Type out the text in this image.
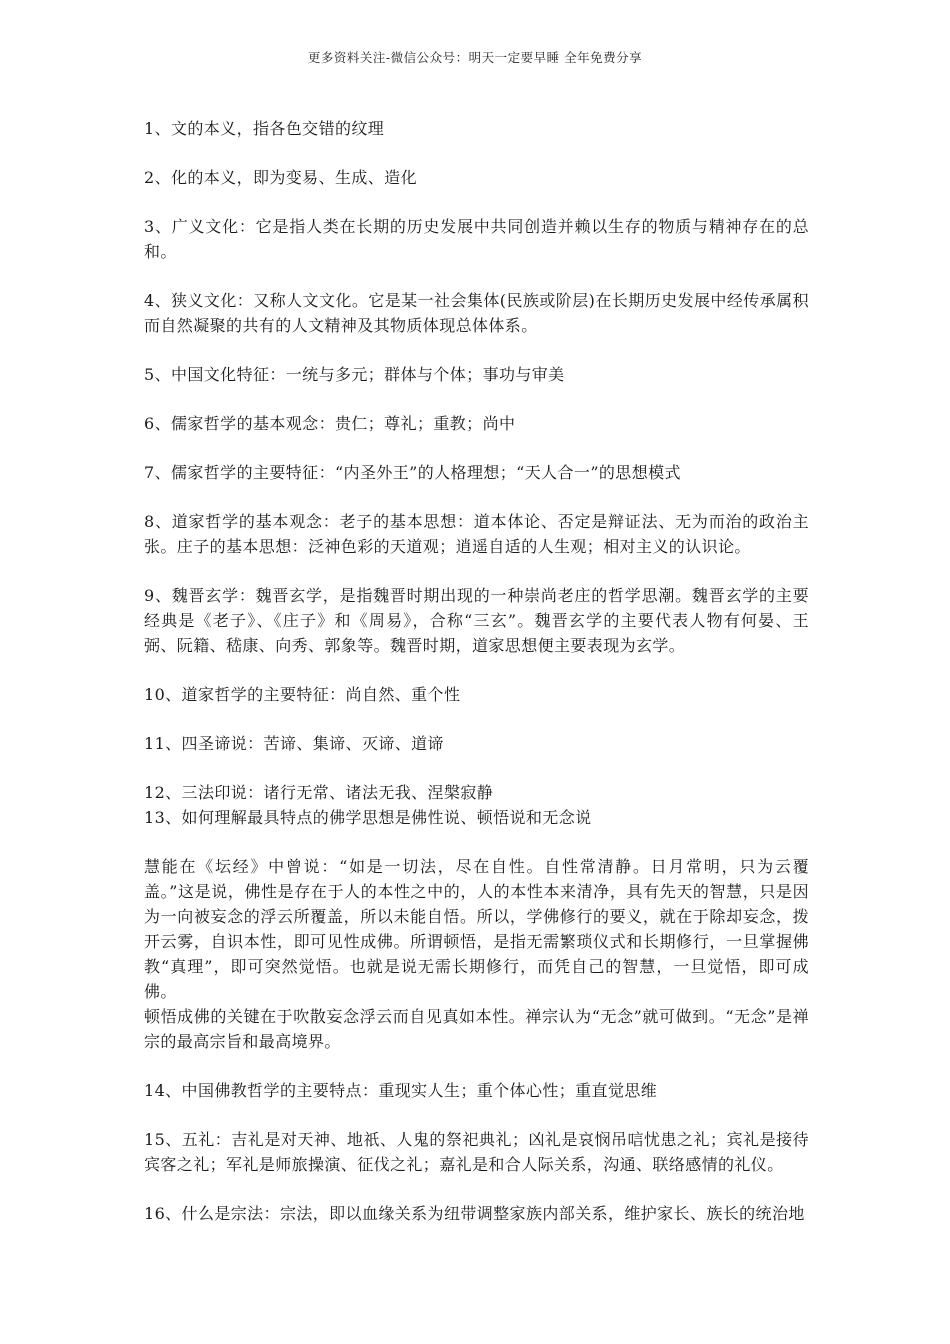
更多资料关注-微信公众号：明天一定要早睡 全年免费分享

1、文的本义，指各色交错的纹理

2、化的本义，即为变易、生成、造化

3、广义文化：它是指人类在长期的历史发展中共同创造并赖以生存的物质与精神存在的总和。

4、狭义文化：又称人文文化。它是某一社会集体(民族或阶层)在长期历史发展中经传承属积而自然凝聚的共有的人文精神及其物质体现总体体系。

5、中国文化特征：一统与多元；群体与个体；事功与审美

6、儒家哲学的基本观念：贵仁；尊礼；重教；尚中

7、儒家哲学的主要特征：“内圣外王”的人格理想；“天人合一”的思想模式

8、道家哲学的基本观念：老子的基本思想：道本体论、否定是辩证法、无为而治的政治主张。庄子的基本思想：泛神色彩的天道观；逍遥自适的人生观；相对主义的认识论。

9、魏晋玄学：魏晋玄学，是指魏晋时期出现的一种崇尚老庄的哲学思潮。魏晋玄学的主要经典是《老子》、《庄子》和《周易》，合称“三玄”。魏晋玄学的主要代表人物有何晏、王弼、阮籍、嵇康、向秀、郭象等。魏晋时期，道家思想便主要表现为玄学。

10、道家哲学的主要特征：尚自然、重个性

11、四圣谛说：苦谛、集谛、灭谛、道谛

12、三法印说：诸行无常、诸法无我、涅槃寂静

13、如何理解最具特点的佛学思想是佛性说、顿悟说和无念说

慧能在《坛经》中曾说：“如是一切法，尽在自性。自性常清静。日月常明，只为云覆盖。”这是说，佛性是存在于人的本性之中的，人的本性本来清净，具有先天的智慧，只是因为一向被妄念的浮云所覆盖，所以未能自悟。所以，学佛修行的要义，就在于除却妄念，拨开云雾，自识本性，即可见性成佛。所谓顿悟，是指无需繁琐仪式和长期修行，一旦掌握佛教“真理”，即可突然觉悟。也就是说无需长期修行，而凭自己的智慧，一旦觉悟，即可成佛。

顿悟成佛的关键在于吹散妄念浮云而自见真如本性。禅宗认为“无念”就可做到。“无念”是禅宗的最高宗旨和最高境界。

14、中国佛教哲学的主要特点：重现实人生；重个体心性；重直觉思维

15、五礼：吉礼是对天神、地祇、人鬼的祭祀典礼；凶礼是哀悯吊唁忧患之礼；宾礼是接待宾客之礼；军礼是师旅操演、征伐之礼；嘉礼是和合人际关系，沟通、联络感情的礼仪。

16、什么是宗法：宗法，即以血缘关系为纽带调整家族内部关系，维护家长、族长的统治地
